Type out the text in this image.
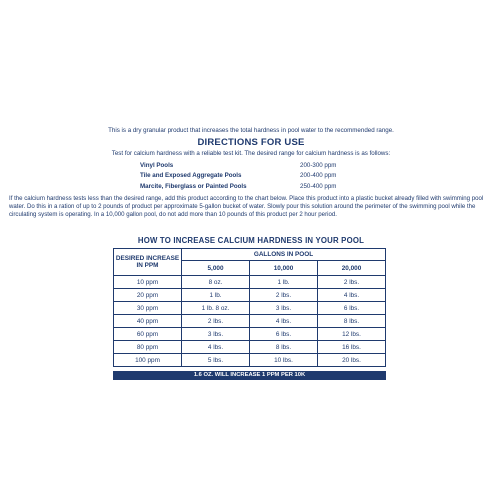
This is a dry granular product that increases the total hardness in pool water to the recommended range.
DIRECTIONS FOR USE
Test for calcium hardness with a reliable test kit. The desired range for calcium hardness is as follows:
Vinyl Pools	200-300 ppm
Tile and Exposed Aggregate Pools	200-400 ppm
Marcite, Fiberglass or Painted Pools	250-400 ppm
If the calcium hardness tests less than the desired range, add this product according to the chart below. Place this product into a plastic bucket already filled with swimming pool water. Do this in a ration of up to 2 pounds of product per approximate 5-gallon bucket of water. Slowly pour this solution around the perimeter of the swimming pool while the circulating system is operating. In a 10,000 gallon pool, do not add more than 10 pounds of this product per 2 hour period.
HOW TO INCREASE CALCIUM HARDNESS IN YOUR POOL
DESIRED INCREASE IN PPM	GALLONS IN POOL		
	5,000	10,000	20,000
10 ppm	8 oz.	1 lb.	2 lbs.
20 ppm	1 lb.	2 lbs.	4 lbs.
30 ppm	1 lb. 8 oz.	3 lbs.	6 lbs.
40 ppm	2 lbs.	4 lbs.	8 lbs.
60 ppm	3 lbs.	6 lbs.	12 lbs.
80 ppm	4 lbs.	8 lbs.	16 lbs.
100 ppm	5 lbs.	10 lbs.	20 lbs.
1.6 OZ. WILL INCREASE 1 PPM PER 10K
